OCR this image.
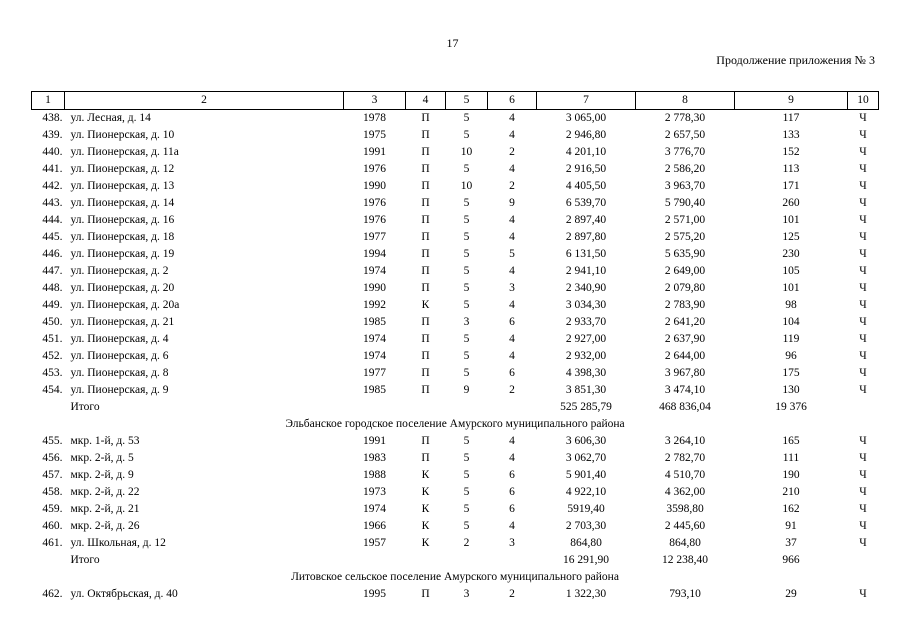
17
Продолжение приложения № 3
1	2	3	4	5	6	7	8	9	10
438.	ул. Лесная, д. 14	1978	П	5	4	3 065,00	2 778,30	117	Ч
439.	ул. Пионерская, д. 10	1975	П	5	4	2 946,80	2 657,50	133	Ч
440.	ул. Пионерская, д. 11а	1991	П	10	2	4 201,10	3 776,70	152	Ч
441.	ул. Пионерская, д. 12	1976	П	5	4	2 916,50	2 586,20	113	Ч
442.	ул. Пионерская, д. 13	1990	П	10	2	4 405,50	3 963,70	171	Ч
443.	ул. Пионерская, д. 14	1976	П	5	9	6 539,70	5 790,40	260	Ч
444.	ул. Пионерская, д. 16	1976	П	5	4	2 897,40	2 571,00	101	Ч
445.	ул. Пионерская, д. 18	1977	П	5	4	2 897,80	2 575,20	125	Ч
446.	ул. Пионерская, д. 19	1994	П	5	5	6 131,50	5 635,90	230	Ч
447.	ул. Пионерская, д. 2	1974	П	5	4	2 941,10	2 649,00	105	Ч
448.	ул. Пионерская, д. 20	1990	П	5	3	2 340,90	2 079,80	101	Ч
449.	ул. Пионерская, д. 20а	1992	К	5	4	3 034,30	2 783,90	98	Ч
450.	ул. Пионерская, д. 21	1985	П	3	6	2 933,70	2 641,20	104	Ч
451.	ул. Пионерская, д. 4	1974	П	5	4	2 927,00	2 637,90	119	Ч
452.	ул. Пионерская, д. 6	1974	П	5	4	2 932,00	2 644,00	96	Ч
453.	ул. Пионерская, д. 8	1977	П	5	6	4 398,30	3 967,80	175	Ч
454.	ул. Пионерская, д. 9	1985	П	9	2	3 851,30	3 474,10	130	Ч
	Итого					525 285,79	468 836,04	19 376	
Эльбанское городское поселение Амурского муниципального района									
455.	мкр. 1-й, д. 53	1991	П	5	4	3 606,30	3 264,10	165	Ч
456.	мкр. 2-й, д. 5	1983	П	5	4	3 062,70	2 782,70	111	Ч
457.	мкр. 2-й, д. 9	1988	К	5	6	5 901,40	4 510,70	190	Ч
458.	мкр. 2-й, д. 22	1973	К	5	6	4 922,10	4 362,00	210	Ч
459.	мкр. 2-й, д. 21	1974	К	5	6	5919,40	3598,80	162	Ч
460.	мкр. 2-й, д. 26	1966	К	5	4	2 703,30	2 445,60	91	Ч
461.	ул. Школьная, д. 12	1957	К	2	3	864,80	864,80	37	Ч
	Итого					16 291,90	12 238,40	966	
Литовское сельское поселение Амурского муниципального района									
462.	ул. Октябрьская, д. 40	1995	П	3	2	1 322,30	793,10	29	Ч
